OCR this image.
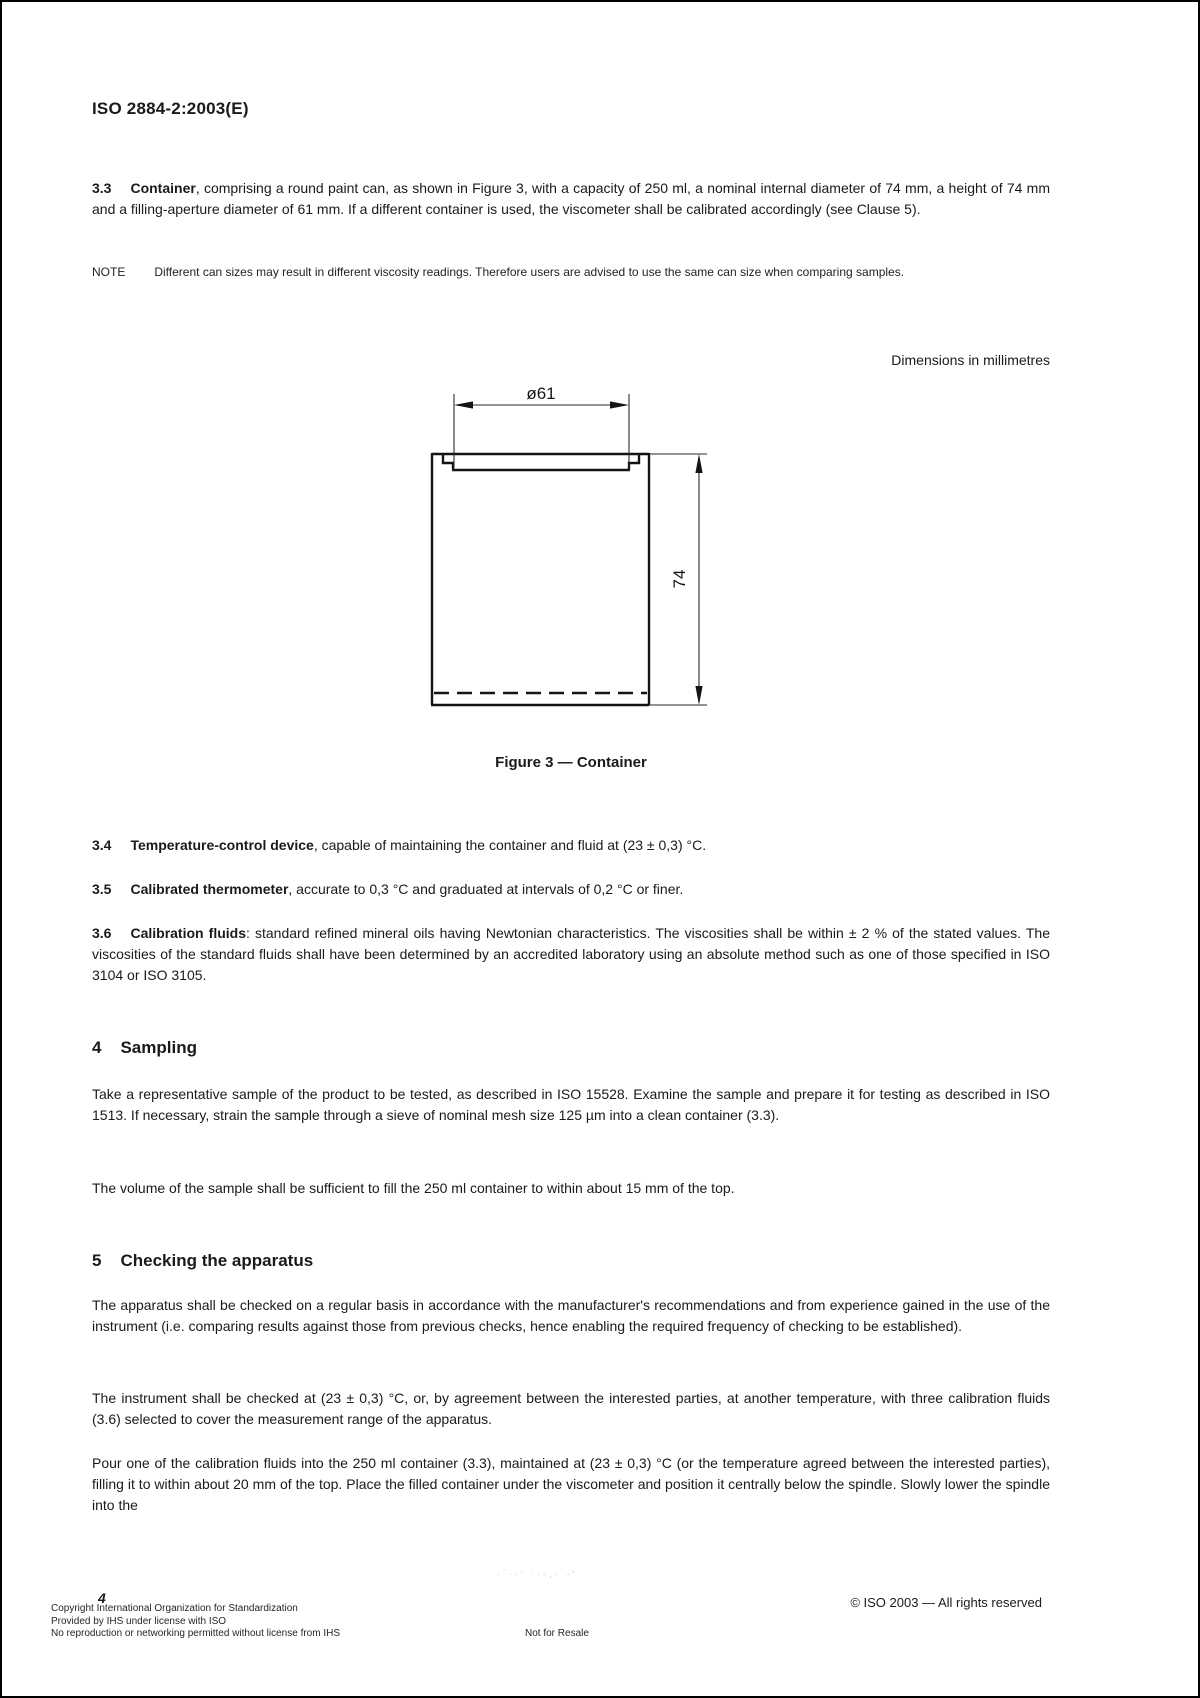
ISO 2884-2:2003(E)

3.3 Container, comprising a round paint can, as shown in Figure 3, with a capacity of 250 ml, a nominal internal diameter of 74 mm, a height of 74 mm and a filling-aperture diameter of 61 mm. If a different container is used, the viscometer shall be calibrated accordingly (see Clause 5).

NOTE Different can sizes may result in different viscosity readings. Therefore users are advised to use the same can size when comparing samples.

Dimensions in millimetres
ø61
74
Figure 3 — Container

3.4 Temperature-control device, capable of maintaining the container and fluid at (23 ± 0,3) °C.

3.5 Calibrated thermometer, accurate to 0,3 °C and graduated at intervals of 0,2 °C or finer.

3.6 Calibration fluids: standard refined mineral oils having Newtonian characteristics. The viscosities shall be within ± 2 % of the stated values. The viscosities of the standard fluids shall have been determined by an accredited laboratory using an absolute method such as one of those specified in ISO 3104 or ISO 3105.

4 Sampling

Take a representative sample of the product to be tested, as described in ISO 15528. Examine the sample and prepare it for testing as described in ISO 1513. If necessary, strain the sample through a sieve of nominal mesh size 125 µm into a clean container (3.3).

The volume of the sample shall be sufficient to fill the 250 ml container to within about 15 mm of the top.

5 Checking the apparatus

The apparatus shall be checked on a regular basis in accordance with the manufacturer's recommendations and from experience gained in the use of the instrument (i.e. comparing results against those from previous checks, hence enabling the required frequency of checking to be established).

The instrument shall be checked at (23 ± 0,3) °C, or, by agreement between the interested parties, at another temperature, with three calibration fluids (3.6) selected to cover the measurement range of the apparatus.

Pour one of the calibration fluids into the 250 ml container (3.3), maintained at (23 ± 0,3) °C (or the temperature agreed between the interested parties), filling it to within about 20 mm of the top. Place the filled container under the viscometer and position it centrally below the spindle. Slowly lower the spindle into the

·˙··' ˙··,·˙·'
4
Copyright International Organization for Standardization
Provided by IHS under license with ISO
No reproduction or networking permitted without license from IHS	Not for Resale
© ISO 2003 — All rights reserved
